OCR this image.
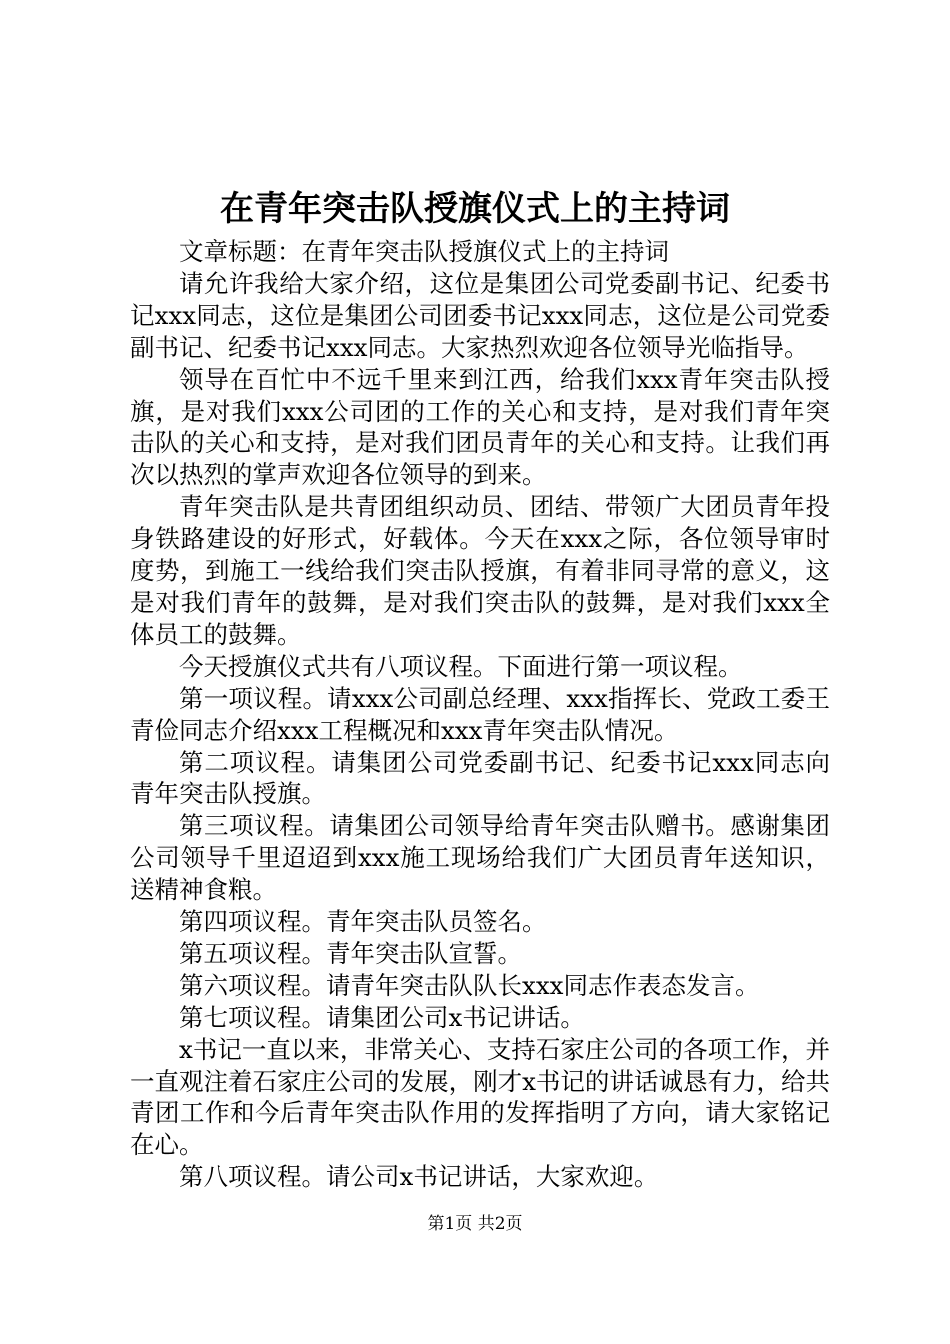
在青年突击队授旗仪式上的主持词

文章标题：在青年突击队授旗仪式上的主持词

请允许我给大家介绍，这位是集团公司党委副书记、纪委书记xxx同志，这位是集团公司团委书记xxx同志，这位是公司党委副书记、纪委书记xxx同志。大家热烈欢迎各位领导光临指导。

领导在百忙中不远千里来到江西，给我们xxx青年突击队授旗，是对我们xxx公司团的工作的关心和支持，是对我们青年突击队的关心和支持，是对我们团员青年的关心和支持。让我们再次以热烈的掌声欢迎各位领导的到来。

青年突击队是共青团组织动员、团结、带领广大团员青年投身铁路建设的好形式，好载体。今天在xxx之际，各位领导审时度势，到施工一线给我们突击队授旗，有着非同寻常的意义，这是对我们青年的鼓舞，是对我们突击队的鼓舞，是对我们xxx全体员工的鼓舞。

今天授旗仪式共有八项议程。下面进行第一项议程。

第一项议程。请xxx公司副总经理、xxx指挥长、党政工委王青俭同志介绍xxx工程概况和xxx青年突击队情况。

第二项议程。请集团公司党委副书记、纪委书记xxx同志向青年突击队授旗。

第三项议程。请集团公司领导给青年突击队赠书。感谢集团公司领导千里迢迢到xxx施工现场给我们广大团员青年送知识，送精神食粮。

第四项议程。青年突击队员签名。

第五项议程。青年突击队宣誓。

第六项议程。请青年突击队队长xxx同志作表态发言。

第七项议程。请集团公司x书记讲话。

x书记一直以来，非常关心、支持石家庄公司的各项工作，并一直观注着石家庄公司的发展，刚才x书记的讲话诚恳有力，给共青团工作和今后青年突击队作用的发挥指明了方向，请大家铭记在心。

第八项议程。请公司x书记讲话，大家欢迎。

第1页 共2页
